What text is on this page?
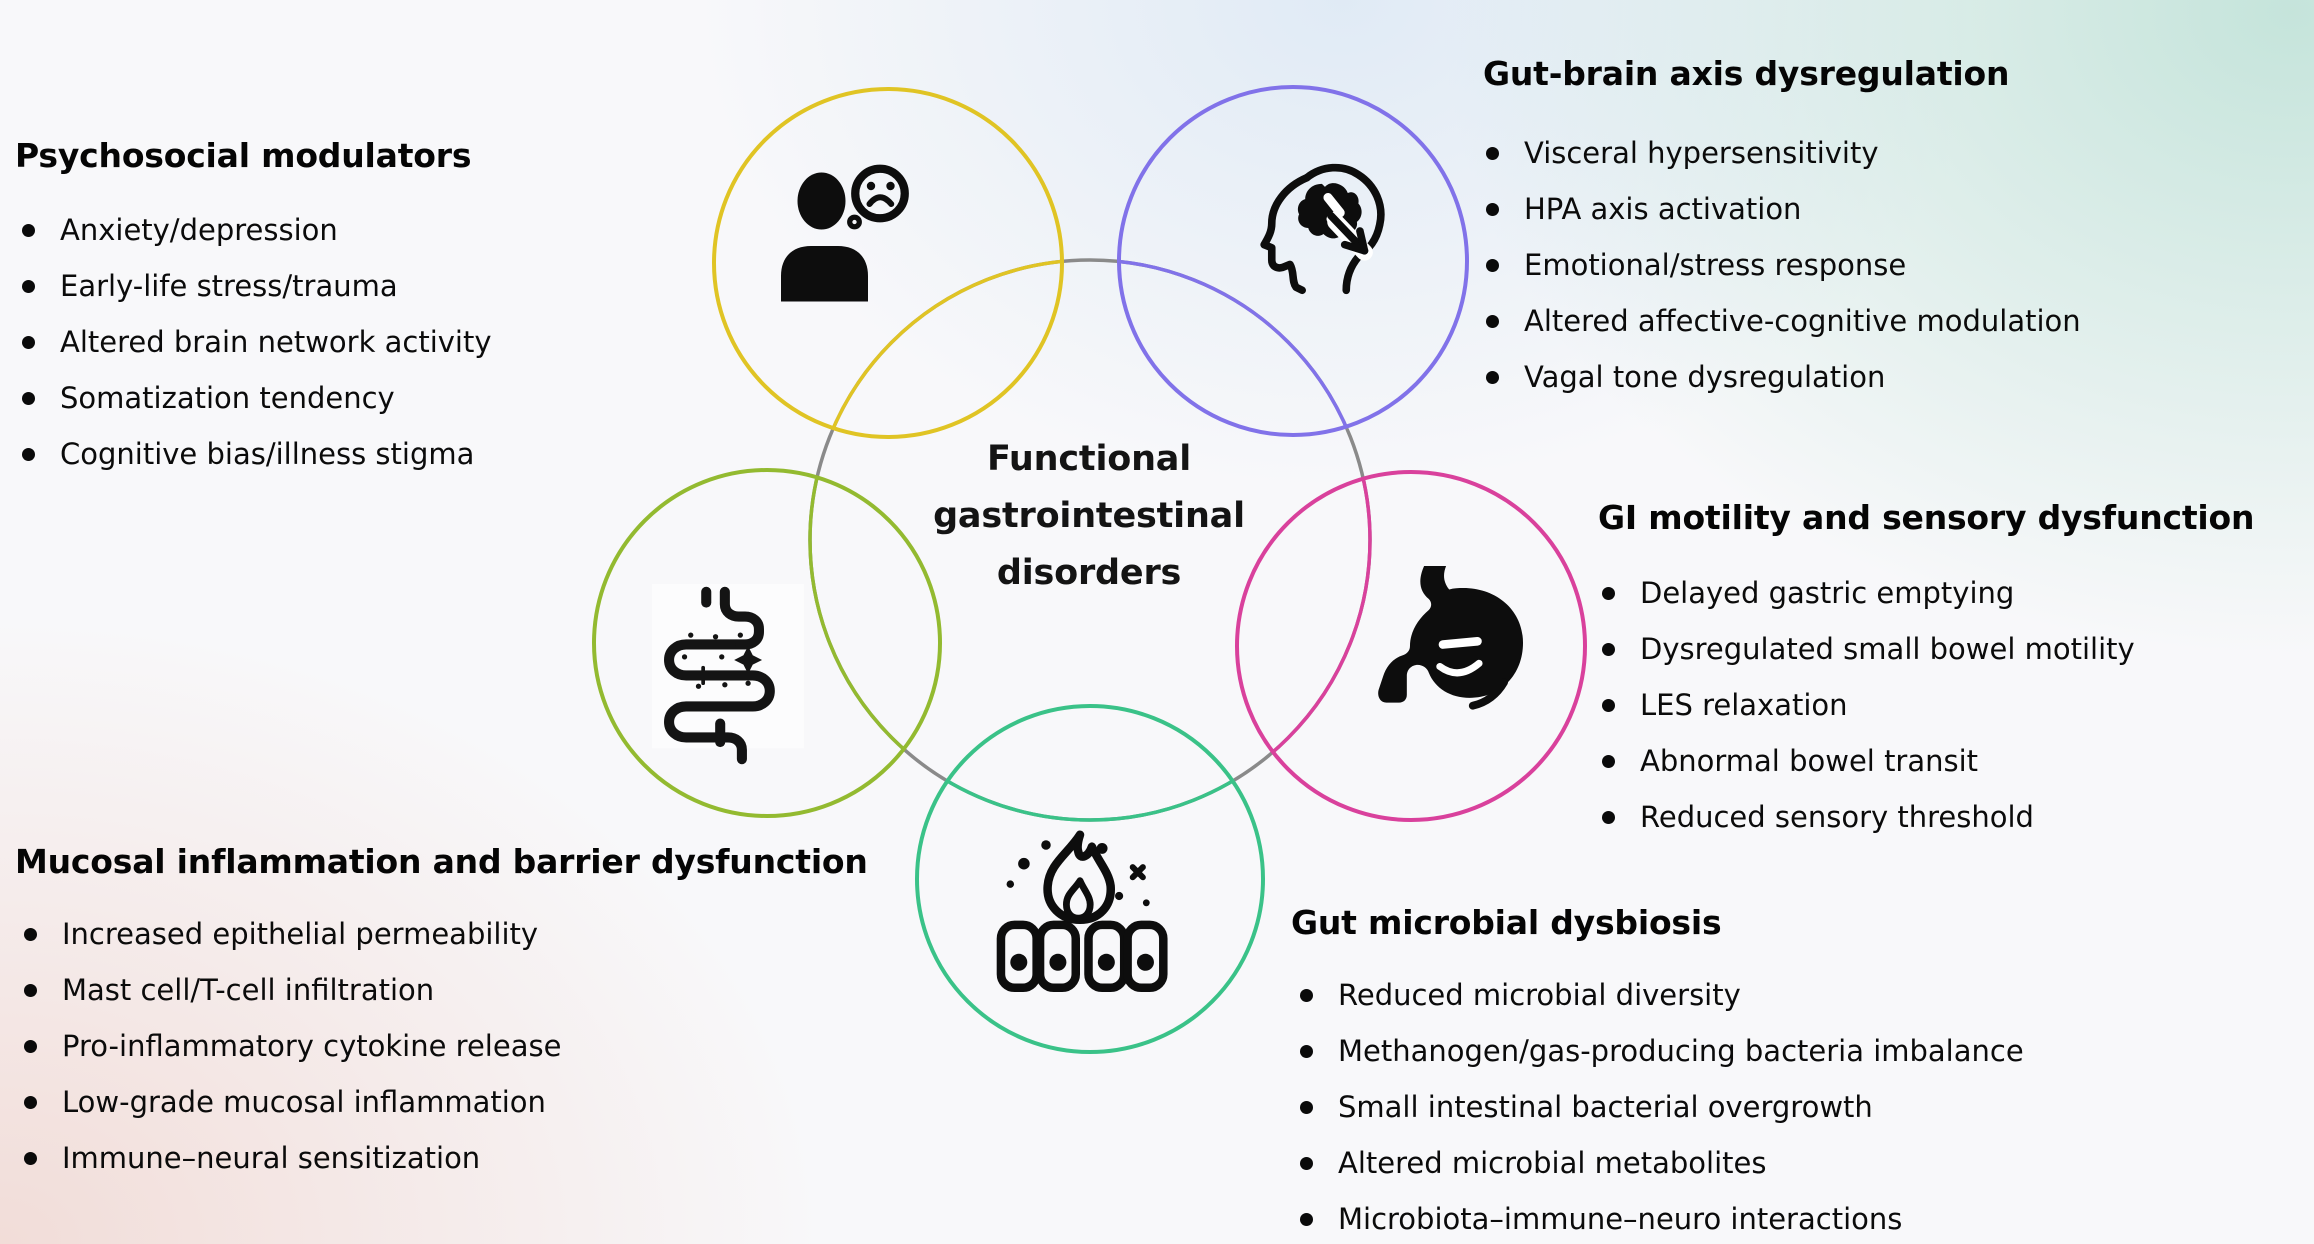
Functional
gastrointestinal
disorders
Psychosocial modulators
Anxiety/depression
Early-life stress/trauma
Altered brain network activity
Somatization tendency
Cognitive bias/illness stigma
Gut-brain axis dysregulation
Visceral hypersensitivity
HPA axis activation
Emotional/stress response
Altered affective-cognitive modulation
Vagal tone dysregulation
GI motility and sensory dysfunction
Delayed gastric emptying
Dysregulated small bowel motility
LES relaxation
Abnormal bowel transit
Reduced sensory threshold
Mucosal inflammation and barrier dysfunction
Increased epithelial permeability
Mast cell/T-cell infiltration
Pro-inflammatory cytokine release
Low-grade mucosal inflammation
Immune–neural sensitization
Gut microbial dysbiosis
Reduced microbial diversity
Methanogen/gas-producing bacteria imbalance
Small intestinal bacterial overgrowth
Altered microbial metabolites
Microbiota–immune–neuro interactions
